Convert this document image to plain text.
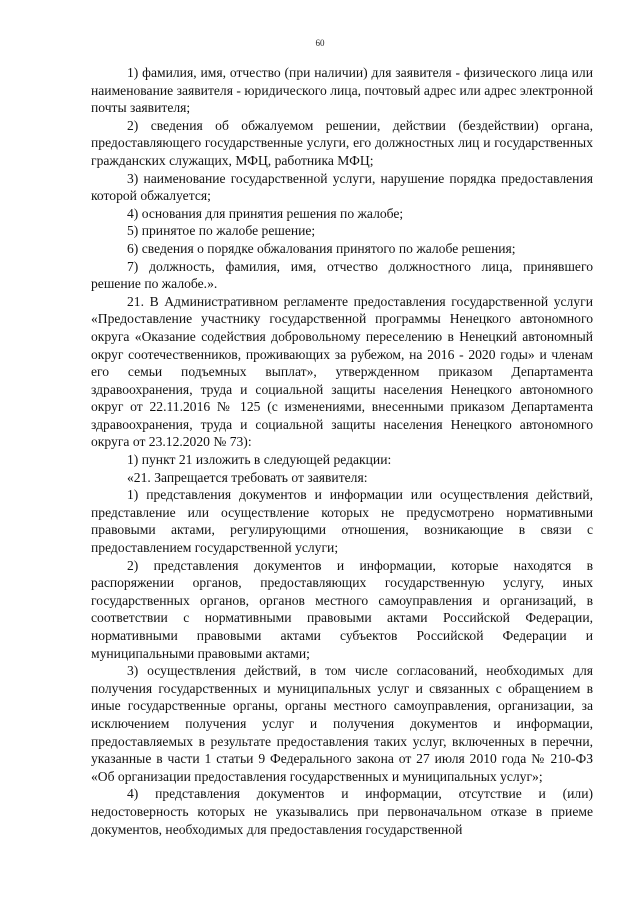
60

1) фамилия, имя, отчество (при наличии) для заявителя - физического лица или наименование заявителя - юридического лица, почтовый адрес или адрес электронной почты заявителя;

2) сведения об обжалуемом решении, действии (бездействии) органа, предоставляющего государственные услуги, его должностных лиц и государственных гражданских служащих, МФЦ, работника МФЦ;

3) наименование государственной услуги, нарушение порядка предоставления которой обжалуется;

4) основания для принятия решения по жалобе;

5) принятое по жалобе решение;

6) сведения о порядке обжалования принятого по жалобе решения;

7) должность, фамилия, имя, отчество должностного лица, принявшего решение по жалобе.».

21. В Административном регламенте предоставления государственной услуги «Предоставление участнику государственной программы Ненецкого автономного округа «Оказание содействия добровольному переселению в Ненецкий автономный округ соотечественников, проживающих за рубежом, на 2016 - 2020 годы» и членам его семьи подъемных выплат», утвержденном приказом Департамента здравоохранения, труда и социальной защиты населения Ненецкого автономного округ от 22.11.2016 № 125 (с изменениями, внесенными приказом Департамента здравоохранения, труда и социальной защиты населения Ненецкого автономного округа от 23.12.2020 № 73):

1) пункт 21 изложить в следующей редакции:

«21. Запрещается требовать от заявителя:

1) представления документов и информации или осуществления действий, представление или осуществление которых не предусмотрено нормативными правовыми актами, регулирующими отношения, возникающие в связи с предоставлением государственной услуги;

2) представления документов и информации, которые находятся в распоряжении органов, предоставляющих государственную услугу, иных государственных органов, органов местного самоуправления и организаций, в соответствии с нормативными правовыми актами Российской Федерации, нормативными правовыми актами субъектов Российской Федерации и муниципальными правовыми актами;

3) осуществления действий, в том числе согласований, необходимых для получения государственных и муниципальных услуг и связанных с обращением в иные государственные органы, органы местного самоуправления, организации, за исключением получения услуг и получения документов и информации, предоставляемых в результате предоставления таких услуг, включенных в перечни, указанные в части 1 статьи 9 Федерального закона от 27 июля 2010 года № 210-ФЗ «Об организации предоставления государственных и муниципальных услуг»;

4) представления документов и информации, отсутствие и (или) недостоверность которых не указывались при первоначальном отказе в приеме документов, необходимых для предоставления государственной
